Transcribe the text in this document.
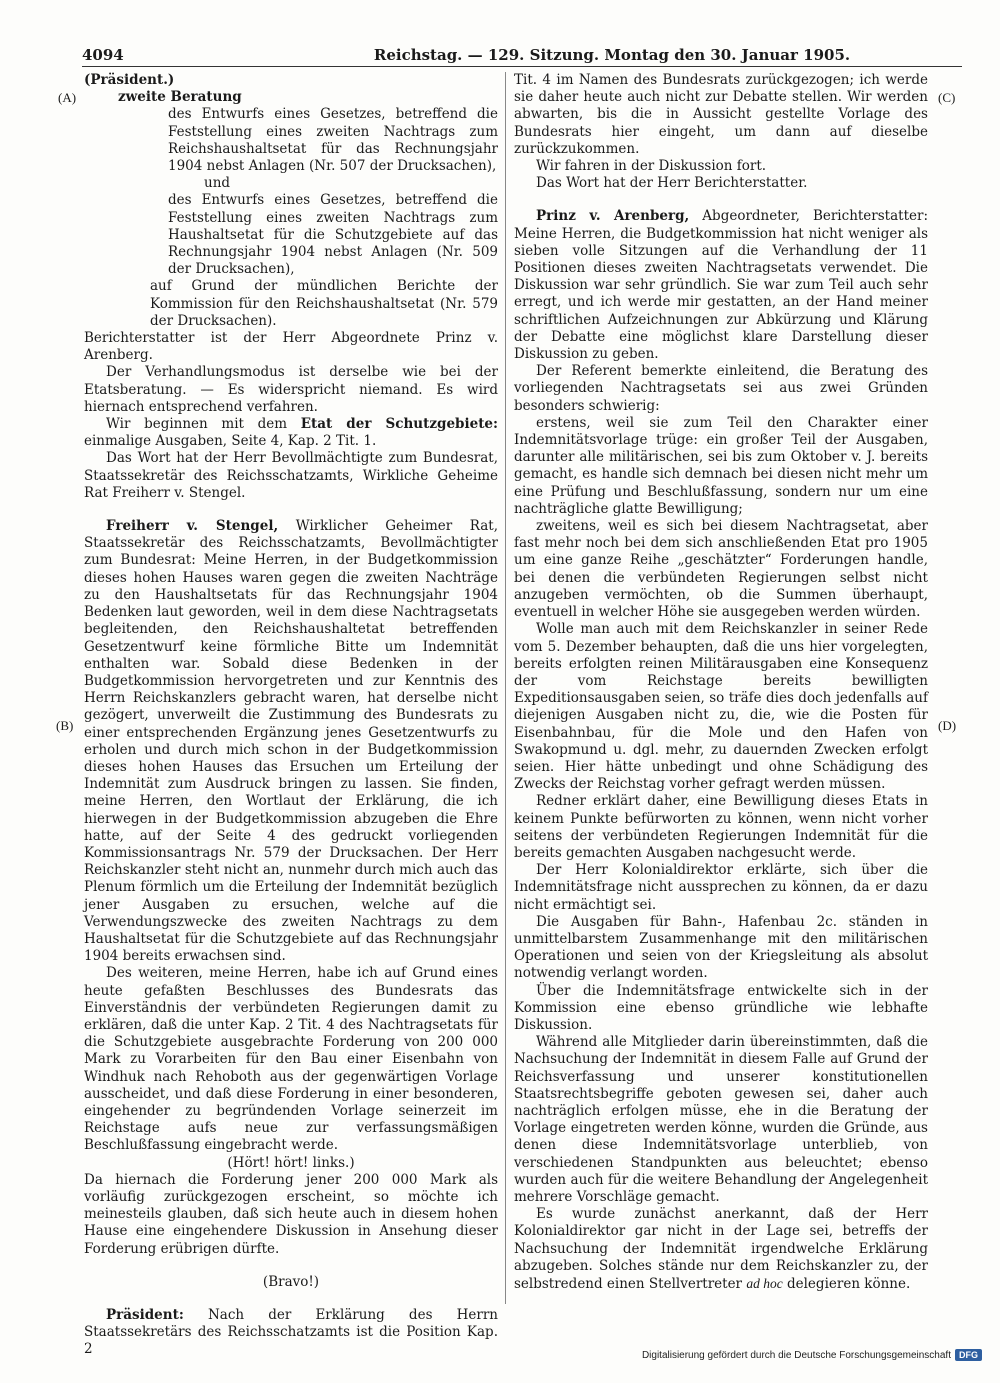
4094	Reichstag. — 129. Sitzung. Montag den 30. Januar 1905.
(A)
(B)
(C)
(D)

(Präsident.)

zweite Beratung

des Entwurfs eines Gesetzes, betreffend die Feststellung eines zweiten Nachtrags zum Reichshaushaltsetat für das Rechnungsjahr 1904 nebst Anlagen (Nr. 507 der Drucksachen),

und

des Entwurfs eines Gesetzes, betreffend die Feststellung eines zweiten Nachtrags zum Haushaltsetat für die Schutzgebiete auf das Rechnungsjahr 1904 nebst Anlagen (Nr. 509 der Drucksachen),

auf Grund der mündlichen Berichte der Kommission für den Reichshaushaltsetat (Nr. 579 der Drucksachen).

Berichterstatter ist der Herr Abgeordnete Prinz v. Arenberg.

Der Verhandlungsmodus ist derselbe wie bei der Etatsberatung. — Es widerspricht niemand. Es wird hiernach entsprechend verfahren.

Wir beginnen mit dem Etat der Schutzgebiete: einmalige Ausgaben, Seite 4, Kap. 2 Tit. 1.

Das Wort hat der Herr Bevollmächtigte zum Bundesrat, Staatssekretär des Reichsschatzamts, Wirkliche Geheime Rat Freiherr v. Stengel.

Freiherr v. Stengel, Wirklicher Geheimer Rat, Staatssekretär des Reichsschatzamts, Bevollmächtigter zum Bundesrat: Meine Herren, in der Budgetkommission dieses hohen Hauses waren gegen die zweiten Nachträge zu den Haushaltsetats für das Rechnungsjahr 1904 Bedenken laut geworden, weil in dem diese Nachtragsetats begleitenden, den Reichshaushaltetat betreffenden Gesetzentwurf keine förmliche Bitte um Indemnität enthalten war. Sobald diese Bedenken in der Budgetkommission hervorgetreten und zur Kenntnis des Herrn Reichskanzlers gebracht waren, hat derselbe nicht gezögert, unverweilt die Zustimmung des Bundesrats zu einer entsprechenden Ergänzung jenes Gesetzentwurfs zu erholen und durch mich schon in der Budgetkommission dieses hohen Hauses das Ersuchen um Erteilung der Indemnität zum Ausdruck bringen zu lassen. Sie finden, meine Herren, den Wortlaut der Erklärung, die ich hierwegen in der Budgetkommission abzugeben die Ehre hatte, auf der Seite 4 des gedruckt vorliegenden Kommissionsantrags Nr. 579 der Drucksachen. Der Herr Reichskanzler steht nicht an, nunmehr durch mich auch das Plenum förmlich um die Erteilung der Indemnität bezüglich jener Ausgaben zu ersuchen, welche auf die Verwendungszwecke des zweiten Nachtrags zu dem Haushaltsetat für die Schutzgebiete auf das Rechnungsjahr 1904 bereits erwachsen sind.

Des weiteren, meine Herren, habe ich auf Grund eines heute gefaßten Beschlusses des Bundesrats das Einverständnis der verbündeten Regierungen damit zu erklären, daß die unter Kap. 2 Tit. 4 des Nachtragsetats für die Schutzgebiete ausgebrachte Forderung von 200 000 Mark zu Vorarbeiten für den Bau einer Eisenbahn von Windhuk nach Rehoboth aus der gegenwärtigen Vorlage ausscheidet, und daß diese Forderung in einer besonderen, eingehender zu begründenden Vorlage seinerzeit im Reichstage aufs neue zur verfassungsmäßigen Beschlußfassung eingebracht werde.

(Hört! hört! links.)

Da hiernach die Forderung jener 200 000 Mark als vorläufig zurückgezogen erscheint, so möchte ich meinesteils glauben, daß sich heute auch in diesem hohen Hause eine eingehendere Diskussion in Ansehung dieser Forderung erübrigen dürfte.

(Bravo!)

Präsident: Nach der Erklärung des Herrn Staatssekretärs des Reichsschatzamts ist die Position Kap. 2

Tit. 4 im Namen des Bundesrats zurückgezogen; ich werde sie daher heute auch nicht zur Debatte stellen. Wir werden abwarten, bis die in Aussicht gestellte Vorlage des Bundesrats hier eingeht, um dann auf dieselbe zurückzukommen.

Wir fahren in der Diskussion fort.

Das Wort hat der Herr Berichterstatter.

Prinz v. Arenberg, Abgeordneter, Berichterstatter: Meine Herren, die Budgetkommission hat nicht weniger als sieben volle Sitzungen auf die Verhandlung der 11 Positionen dieses zweiten Nachtragsetats verwendet. Die Diskussion war sehr gründlich. Sie war zum Teil auch sehr erregt, und ich werde mir gestatten, an der Hand meiner schriftlichen Aufzeichnungen zur Abkürzung und Klärung der Debatte eine möglichst klare Darstellung dieser Diskussion zu geben.

Der Referent bemerkte einleitend, die Beratung des vorliegenden Nachtragsetats sei aus zwei Gründen besonders schwierig:

erstens, weil sie zum Teil den Charakter einer Indemnitätsvorlage trüge: ein großer Teil der Ausgaben, darunter alle militärischen, sei bis zum Oktober v. J. bereits gemacht, es handle sich demnach bei diesen nicht mehr um eine Prüfung und Beschlußfassung, sondern nur um eine nachträgliche glatte Bewilligung;

zweitens, weil es sich bei diesem Nachtragsetat, aber fast mehr noch bei dem sich anschließenden Etat pro 1905 um eine ganze Reihe „geschätzter“ Forderungen handle, bei denen die verbündeten Regierungen selbst nicht anzugeben vermöchten, ob die Summen überhaupt, eventuell in welcher Höhe sie ausgegeben werden würden.

Wolle man auch mit dem Reichskanzler in seiner Rede vom 5. Dezember behaupten, daß die uns hier vorgelegten, bereits erfolgten reinen Militärausgaben eine Konsequenz der vom Reichstage bereits bewilligten Expeditionsausgaben seien, so träfe dies doch jedenfalls auf diejenigen Ausgaben nicht zu, die, wie die Posten für Eisenbahnbau, für die Mole und den Hafen von Swakopmund u. dgl. mehr, zu dauernden Zwecken erfolgt seien. Hier hätte unbedingt und ohne Schädigung des Zwecks der Reichstag vorher gefragt werden müssen.

Redner erklärt daher, eine Bewilligung dieses Etats in keinem Punkte befürworten zu können, wenn nicht vorher seitens der verbündeten Regierungen Indemnität für die bereits gemachten Ausgaben nachgesucht werde.

Der Herr Kolonialdirektor erklärte, sich über die Indemnitätsfrage nicht aussprechen zu können, da er dazu nicht ermächtigt sei.

Die Ausgaben für Bahn-, Hafenbau 2c. ständen in unmittelbarstem Zusammenhange mit den militärischen Operationen und seien von der Kriegsleitung als absolut notwendig verlangt worden.

Über die Indemnitätsfrage entwickelte sich in der Kommission eine ebenso gründliche wie lebhafte Diskussion.

Während alle Mitglieder darin übereinstimmten, daß die Nachsuchung der Indemnität in diesem Falle auf Grund der Reichsverfassung und unserer konstitutionellen Staatsrechtsbegriffe geboten gewesen sei, daher auch nachträglich erfolgen müsse, ehe in die Beratung der Vorlage eingetreten werden könne, wurden die Gründe, aus denen diese Indemnitätsvorlage unterblieb, von verschiedenen Standpunkten aus beleuchtet; ebenso wurden auch für die weitere Behandlung der Angelegenheit mehrere Vorschläge gemacht.

Es wurde zunächst anerkannt, daß der Herr Kolonialdirektor gar nicht in der Lage sei, betreffs der Nachsuchung der Indemnität irgendwelche Erklärung abzugeben. Solches stände nur dem Reichskanzler zu, der selbstredend einen Stellvertreter ad hoc delegieren könne.

Digitalisierung gefördert durch die Deutsche Forschungsgemeinschaft DFG
